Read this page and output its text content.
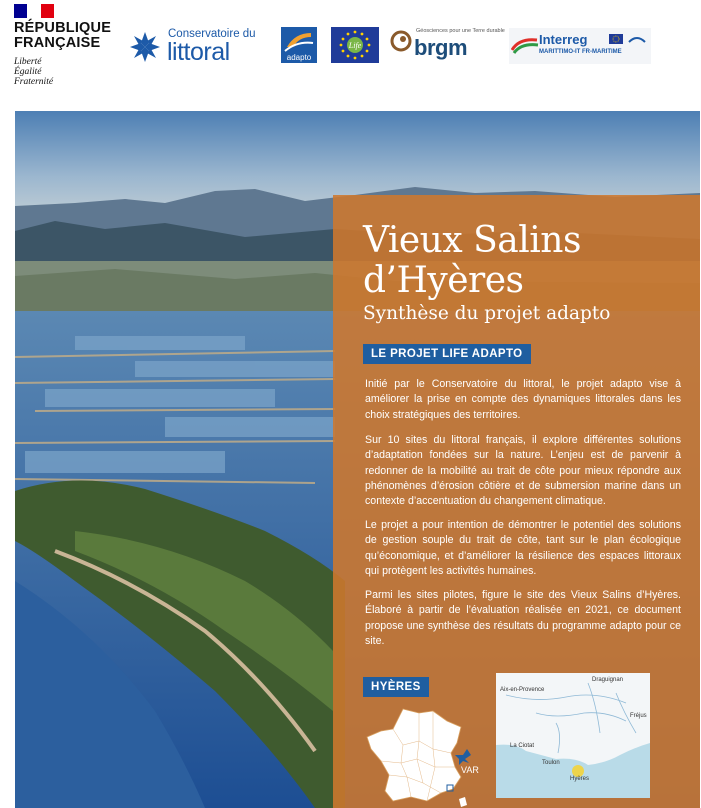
RÉPUBLIQUE
FRANÇAISE
Liberté
Égalité
Fraternité
Conservatoire du
littoral	adapto
Life
Géosciences pour une Terre durable
brgm	Interreg
MARITTIMO-IT FR-MARITIME
Vieux Salins
d’Hyères
Synthèse du projet adapto
LE PROJET LIFE ADAPTO
Initié par le Conservatoire du littoral, le projet adapto vise à améliorer la prise en compte des dynamiques littorales dans les choix stratégiques des territoires.
Sur 10 sites du littoral français, il explore différentes solutions d’adaptation fondées sur la nature. L’enjeu est de parvenir à redonner de la mobilité au trait de côte pour mieux répondre aux phénomènes d’érosion côtière et de submersion marine dans un contexte d’accentuation du changement climatique.
Le projet a pour intention de démontrer le potentiel des solutions de gestion souple du trait de côte, tant sur le plan écologique qu’économique, et d’améliorer la résilience des espaces littoraux qui protègent les activités humaines.
Parmi les sites pilotes, figure le site des Vieux Salins d’Hyères. Élaboré à partir de l’évaluation réalisée en 2021, ce document propose une synthèse des résultats du programme adapto pour ce site.
HYÈRES
VAR
Aix-en-Provence
Draguignan
Fréjus
La Ciotat
Toulon
Hyères
